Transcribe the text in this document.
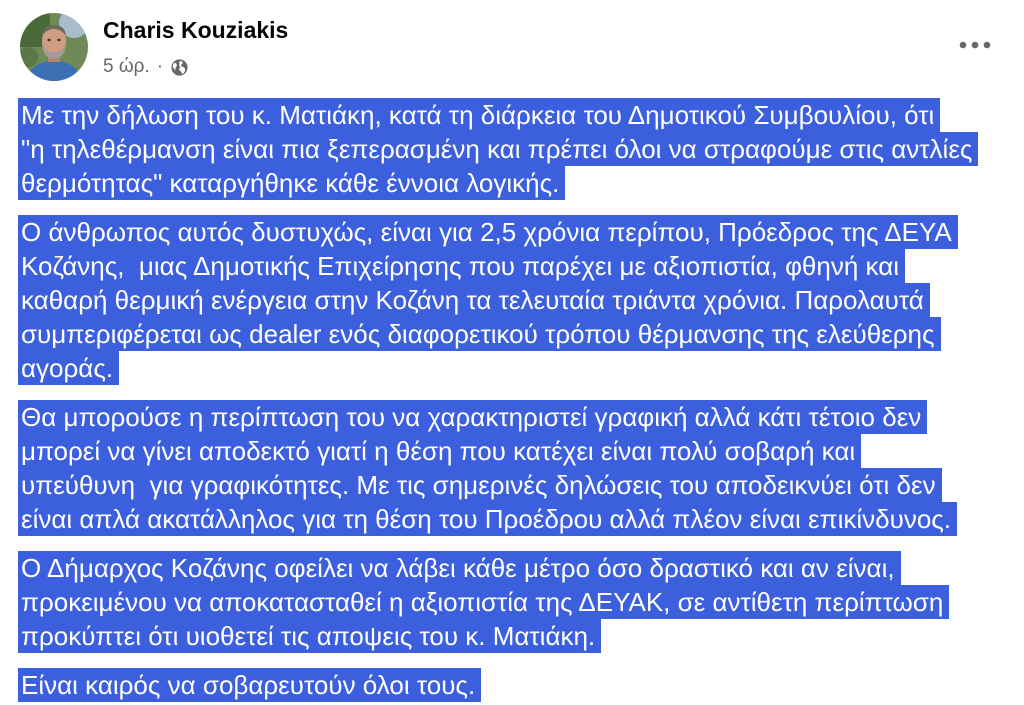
Charis Kouziakis
5 ώρ. ·
Με την δήλωση του κ. Ματιάκη, κατά τη διάρκεια του Δημοτικού Συμβουλίου, ότι
"η τηλεθέρμανση είναι πια ξεπερασμένη και πρέπει όλοι να στραφούμε στις αντλίες
θερμότητας" καταργήθηκε κάθε έννοια λογικής.
Ο άνθρωπος αυτός δυστυχώς, είναι για 2,5 χρόνια περίπου, Πρόεδρος της ΔΕΥΑ
Κοζάνης,  μιας Δημοτικής Επιχείρησης που παρέχει με αξιοπιστία, φθηνή και
καθαρή θερμική ενέργεια στην Κοζάνη τα τελευταία τριάντα χρόνια. Παρολαυτά
συμπεριφέρεται ως dealer ενός διαφορετικού τρόπου θέρμανσης της ελεύθερης
αγοράς.
Θα μπορούσε η περίπτωση του να χαρακτηριστεί γραφική αλλά κάτι τέτοιο δεν
μπορεί να γίνει αποδεκτό γιατί η θέση που κατέχει είναι πολύ σοβαρή και
υπεύθυνη  για γραφικότητες. Με τις σημερινές δηλώσεις του αποδεικνύει ότι δεν
είναι απλά ακατάλληλος για τη θέση του Προέδρου αλλά πλέον είναι επικίνδυνος.
Ο Δήμαρχος Κοζάνης οφείλει να λάβει κάθε μέτρο όσο δραστικό και αν είναι,
προκειμένου να αποκατασταθεί η αξιοπιστία της ΔΕΥΑΚ, σε αντίθετη περίπτωση
προκύπτει ότι υιοθετεί τις αποψεις του κ. Ματιάκη.
Είναι καιρός να σοβαρευτούν όλοι τους.
